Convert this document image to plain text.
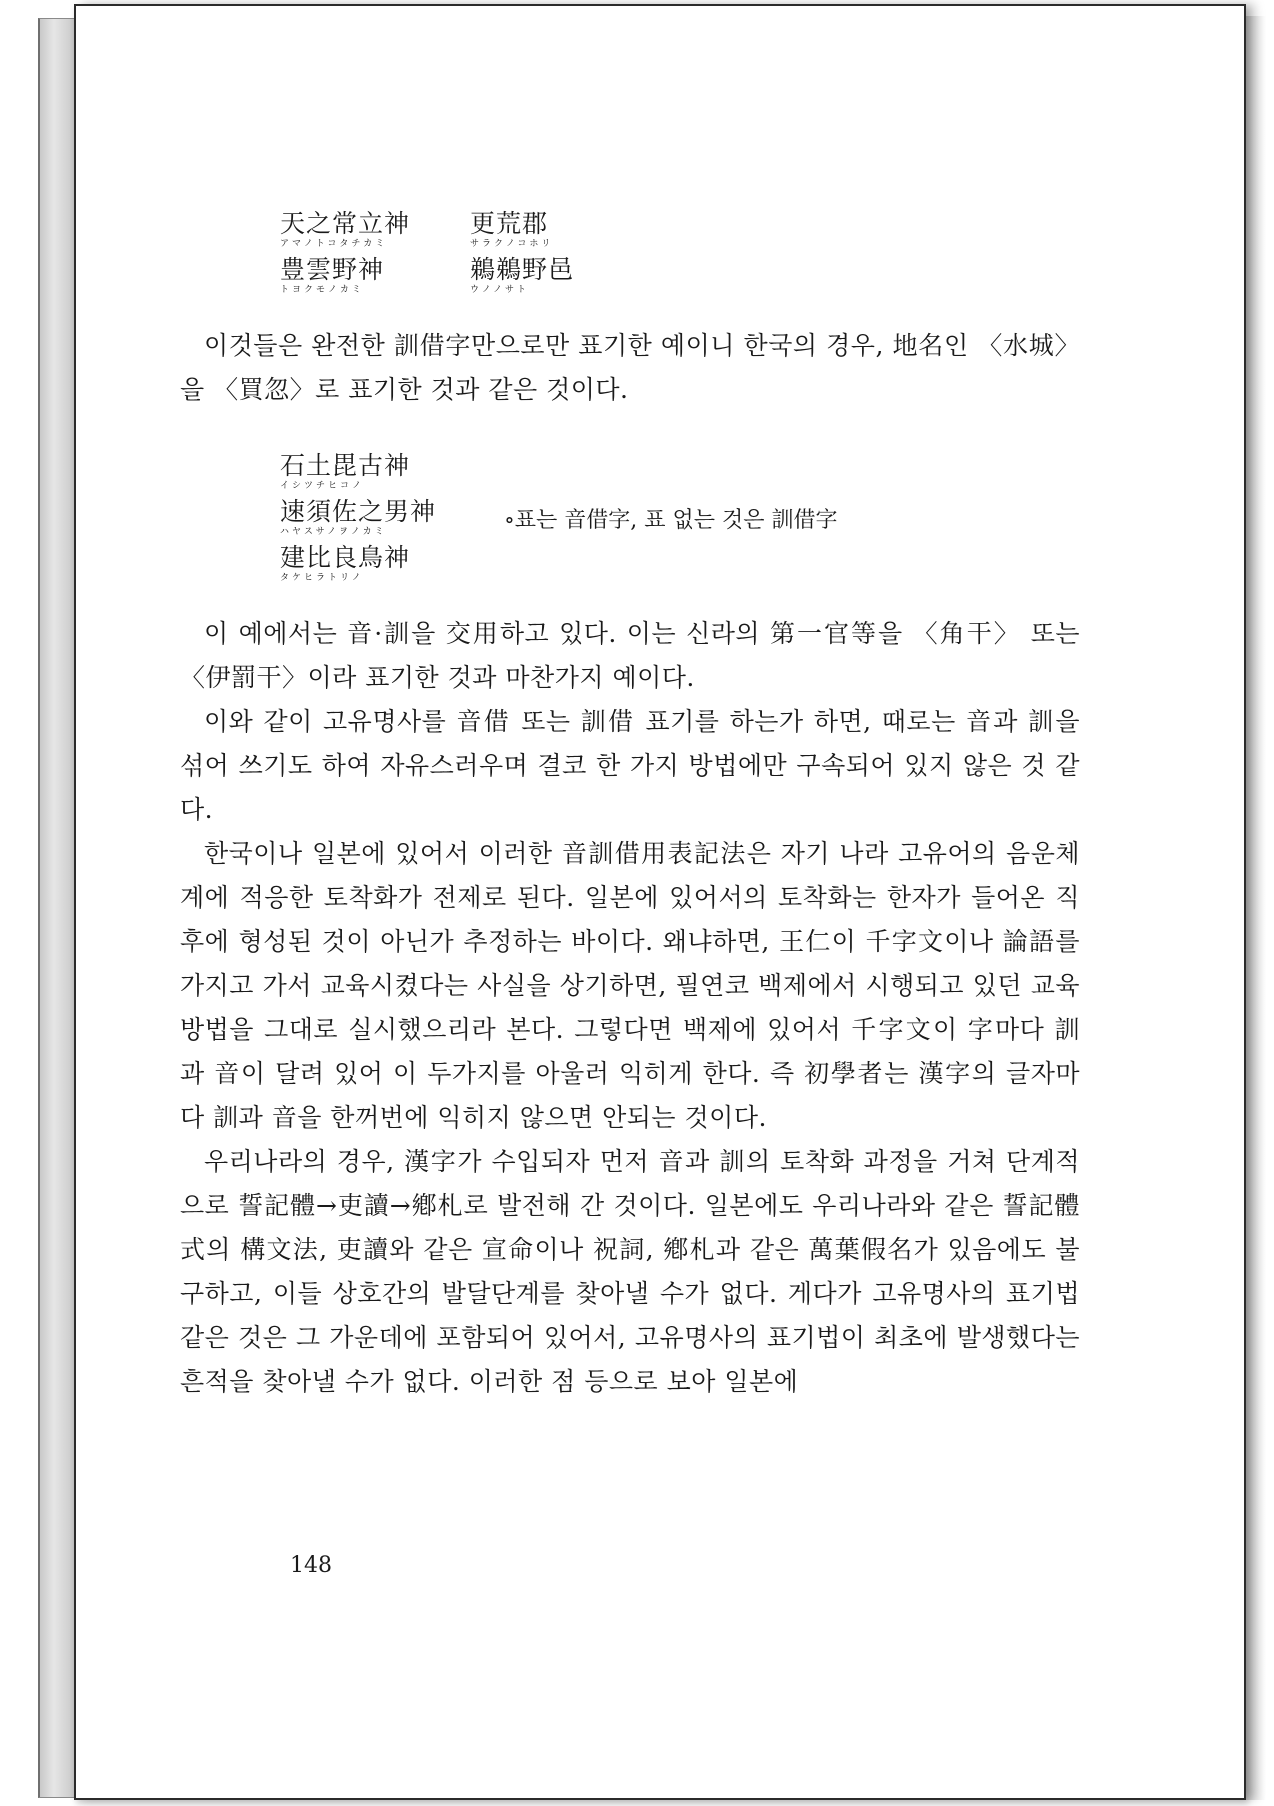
天之常立神
アマノトコタチカミ
更荒郡
サラクノコホリ
豊雲野神
トヨクモノカミ
鵜鵜野邑
ウノノサト

이것들은 완전한 訓借字만으로만 표기한 예이니 한국의 경우, 地名인 〈水城〉을 〈買忽〉로 표기한 것과 같은 것이다.

石土毘古神
イシツチヒコノ
速須佐之男神
ハヤスサノヲノカミ
建比良鳥神
タケヒラトリノ
∘표는 音借字, 표 없는 것은 訓借字

이 예에서는 音·訓을 交用하고 있다. 이는 신라의 第一官等을 〈角干〉 또는 〈伊罰干〉이라 표기한 것과 마찬가지 예이다.

이와 같이 고유명사를 音借 또는 訓借 표기를 하는가 하면, 때로는 音과 訓을 섞어 쓰기도 하여 자유스러우며 결코 한 가지 방법에만 구속되어 있지 않은 것 같다.

한국이나 일본에 있어서 이러한 音訓借用表記法은 자기 나라 고유어의 음운체계에 적응한 토착화가 전제로 된다. 일본에 있어서의 토착화는 한자가 들어온 직후에 형성된 것이 아닌가 추정하는 바이다. 왜냐하면, 王仁이 千字文이나 論語를 가지고 가서 교육시켰다는 사실을 상기하면, 필연코 백제에서 시행되고 있던 교육방법을 그대로 실시했으리라 본다. 그렇다면 백제에 있어서 千字文이 字마다 訓과 音이 달려 있어 이 두가지를 아울러 익히게 한다. 즉 初學者는 漢字의 글자마다 訓과 音을 한꺼번에 익히지 않으면 안되는 것이다.

우리나라의 경우, 漢字가 수입되자 먼저 音과 訓의 토착화 과정을 거쳐 단계적으로 誓記體→吏讀→鄕札로 발전해 간 것이다. 일본에도 우리나라와 같은 誓記體式의 構文法, 吏讀와 같은 宣命이나 祝詞, 鄕札과 같은 萬葉假名가 있음에도 불구하고, 이들 상호간의 발달단계를 찾아낼 수가 없다. 게다가 고유명사의 표기법 같은 것은 그 가운데에 포함되어 있어서, 고유명사의 표기법이 최초에 발생했다는 흔적을 찾아낼 수가 없다. 이러한 점 등으로 보아 일본에

148
